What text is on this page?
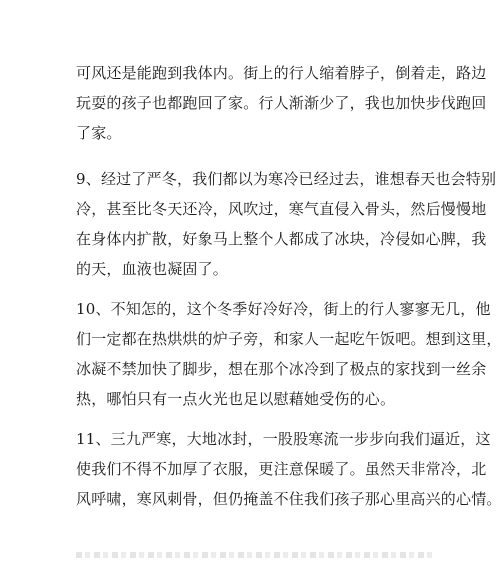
可风还是能跑到我体内。街上的行人缩着脖子，倒着走，路边
玩耍的孩子也都跑回了家。行人渐渐少了，我也加快步伐跑回
了家。
9、经过了严冬，我们都以为寒冷已经过去，谁想春天也会特别
冷，甚至比冬天还冷，风吹过，寒气直侵入骨头，然后慢慢地
在身体内扩散，好象马上整个人都成了冰块，冷侵如心脾，我
的天，血液也凝固了。
10、不知怎的，这个冬季好冷好冷，街上的行人寥寥无几，他
们一定都在热烘烘的炉子旁，和家人一起吃午饭吧。想到这里，
冰凝不禁加快了脚步，想在那个冰冷到了极点的家找到一丝余
热，哪怕只有一点火光也足以慰藉她受伤的心。
11、三九严寒，大地冰封，一股股寒流一步步向我们逼近，这
使我们不得不加厚了衣服，更注意保暖了。虽然天非常冷，北
风呼啸，寒风刺骨，但仍掩盖不住我们孩子那心里高兴的心情。
